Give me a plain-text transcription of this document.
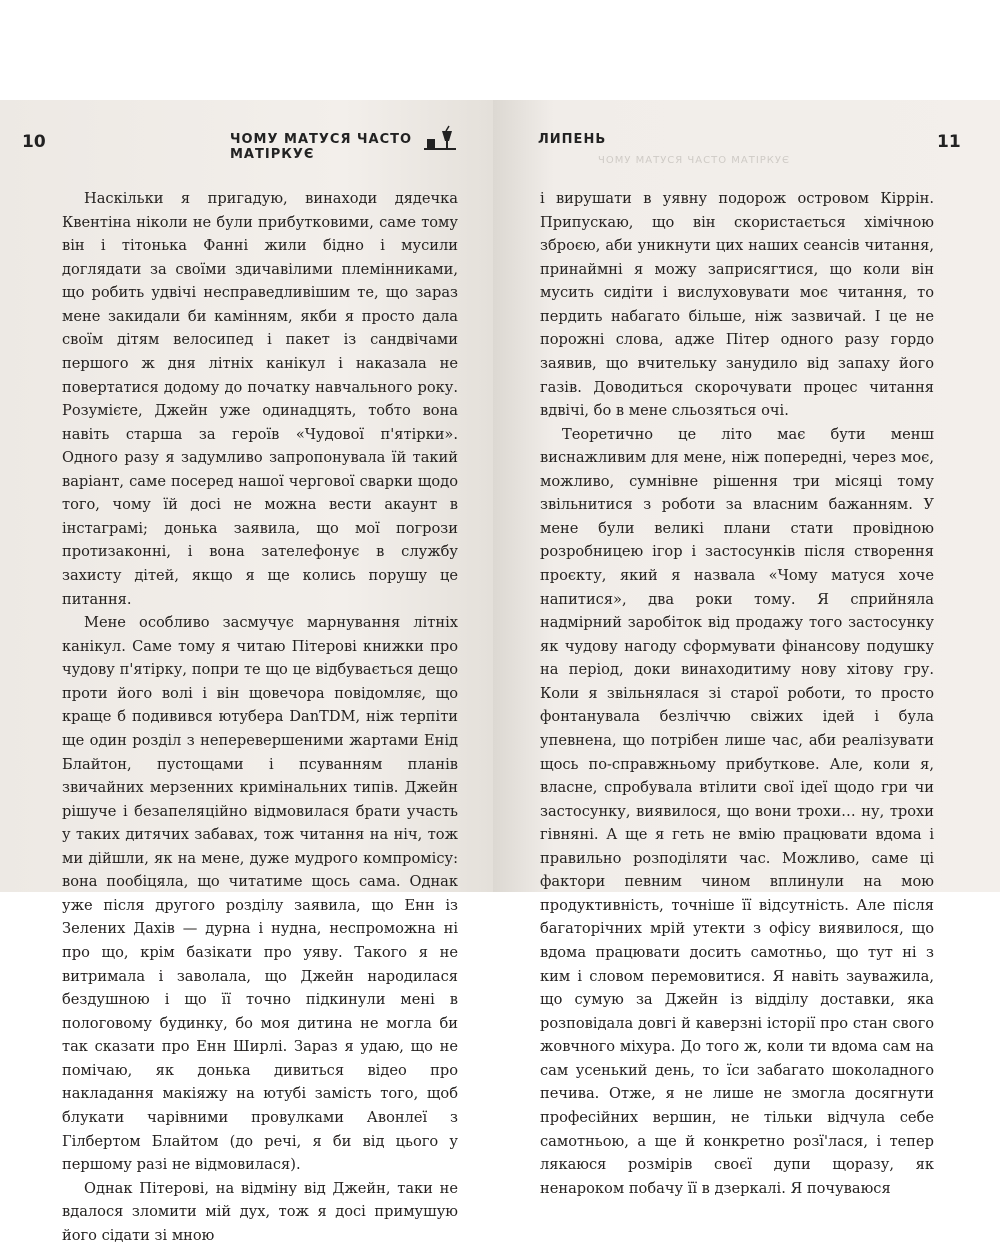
10	ЧОМУ МАТУСЯ ЧАСТО МАТІРКУЄ

Наскільки я пригадую, винаходи дядечка Квентіна ніколи не були прибутковими, саме тому він і тітонька Фанні жили бідно і мусили доглядати за своїми здичавілими племінниками, що робить удвічі несправедливішим те, що зараз мене закидали би камінням, якби я просто дала своїм дітям велосипед і пакет із сандвічами першого ж дня літніх канікул і наказала не повертатися додому до початку навчального року. Розумієте, Джейн уже одинадцять, тобто вона навіть старша за героїв «Чудової п'ятірки». Одного разу я задумливо запропонувала їй такий варіант, саме посеред нашої чергової сварки щодо того, чому їй досі не можна вести акаунт в інстаграмі; донька заявила, що мої погрози протизаконні, і вона зателефонує в службу захисту дітей, якщо я ще колись порушу це питання.

Мене особливо засмучує марнування літніх канікул. Саме тому я читаю Пітерові книжки про чудову п'ятірку, попри те що це відбувається дещо проти його волі і він щовечора повідомляє, що краще б подивився ютубера DanTDM, ніж терпіти ще один розділ з неперевершеними жартами Енід Блайтон, пустощами і псуванням планів звичайних мерзенних кримінальних типів. Джейн рішуче і безапеляційно відмовилася брати участь у таких дитячих забавах, тож читання на ніч, тож ми дійшли, як на мене, дуже мудрого компромісу: вона пообіцяла, що читатиме щось сама. Однак уже після другого розділу заявила, що Енн із Зелених Дахів — дурна і нудна, неспроможна ні про що, крім базікати про уяву. Такого я не витримала і заволала, що Джейн народилася бездушною і що її точно підкинули мені в пологовому будинку, бо моя дитина не могла би так сказати про Енн Ширлі. Зараз я удаю, що не помічаю, як донька дивиться відео про накладання макіяжу на ютубі замість того, щоб блукати чарівними провулками Авонлеї з Гілбертом Блайтом (до речі, я би від цього у першому разі не відмовилася).

Однак Пітерові, на відміну від Джейн, таки не вдалося зломити мій дух, тож я досі примушую його сідати зі мною

ЧОМУ МАТУСЯ ЧАСТО МАТІРКУЄ
ЛИПЕНЬ	11

і вирушати в уявну подорож островом Кіррін. Припускаю, що він скористається хімічною зброєю, аби уникнути цих наших сеансів читання, принаймні я можу заприсягтися, що коли він мусить сидіти і вислуховувати моє читання, то пердить набагато більше, ніж зазвичай. І це не порожні слова, адже Пітер одного разу гордо заявив, що вчительку занудило від запаху його газів. Доводиться скорочувати процес читання вдвічі, бо в мене сльозяться очі.

Теоретично це літо має бути менш виснажливим для мене, ніж попередні, через моє, можливо, сумнівне рішення три місяці тому звільнитися з роботи за власним бажанням. У мене були великі плани стати провідною розробницею ігор і застосунків після створення проєкту, який я назвала «Чому матуся хоче напитися», два роки тому. Я сприйняла надмірний заробіток від продажу того застосунку як чудову нагоду сформувати фінансову подушку на період, доки винаходитиму нову хітову гру. Коли я звільнялася зі старої роботи, то просто фонтанувала безліччю свіжих ідей і була упевнена, що потрібен лише час, аби реалізувати щось по-справжньому прибуткове. Але, коли я, власне, спробувала втілити свої ідеї щодо гри чи застосунку, виявилося, що вони трохи… ну, трохи гівняні. А ще я геть не вмію працювати вдома і правильно розподіляти час. Можливо, саме ці фактори певним чином вплинули на мою продуктивність, точніше її відсутність. Але після багаторічних мрій утекти з офісу виявилося, що вдома працювати досить самотньо, що тут ні з ким і словом перемовитися. Я навіть зауважила, що сумую за Джейн із відділу доставки, яка розповідала довгі й каверзні історії про стан свого жовчного міхура. До того ж, коли ти вдома сам на сам усенький день, то їси забагато шоколадного печива. Отже, я не лише не змогла досягнути професійних вершин, не тільки відчула себе самотньою, а ще й конкретно розї'лася, і тепер лякаюся розмірів своєї дупи щоразу, як ненароком побачу її в дзеркалі. Я почуваюся
